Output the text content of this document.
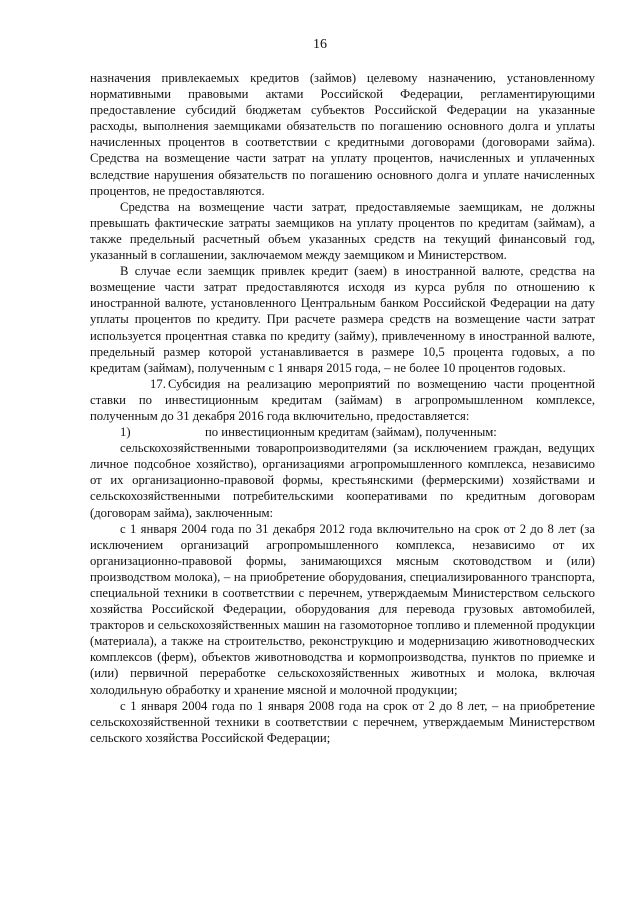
16

назначения привлекаемых кредитов (займов) целевому назначению, установленному нормативными правовыми актами Российской Федерации, регламентирующими предоставление субсидий бюджетам субъектов Российской Федерации на указанные расходы, выполнения заемщиками обязательств по погашению основного долга и уплаты начисленных процентов в соответствии с кредитными договорами (договорами займа). Средства на возмещение части затрат на уплату процентов, начисленных и уплаченных вследствие нарушения обязательств по погашению основного долга и уплате начисленных процентов, не предоставляются.

Средства на возмещение части затрат, предоставляемые заемщикам, не должны превышать фактические затраты заемщиков на уплату процентов по кредитам (займам), а также предельный расчетный объем указанных средств на текущий финансовый год, указанный в соглашении, заключаемом между заемщиком и Министерством.

В случае если заемщик привлек кредит (заем) в иностранной валюте, средства на возмещение части затрат предоставляются исходя из курса рубля по отношению к иностранной валюте, установленного Центральным банком Российской Федерации на дату уплаты процентов по кредиту. При расчете размера средств на возмещение части затрат используется процентная ставка по кредиту (займу), привлеченному в иностранной валюте, предельный размер которой устанавливается в размере 10,5 процента годовых, а по кредитам (займам), полученным с 1 января 2015 года, – не более 10 процентов годовых.

17. Субсидия на реализацию мероприятий по возмещению части процентной ставки по инвестиционным кредитам (займам) в агропромышленном комплексе, полученным до 31 декабря 2016 года включительно, предоставляется:

1)	по инвестиционным кредитам (займам), полученным:

сельскохозяйственными товаропроизводителями (за исключением граждан, ведущих личное подсобное хозяйство), организациями агропромышленного комплекса, независимо от их организационно-правовой формы, крестьянскими (фермерскими) хозяйствами и сельскохозяйственными потребительскими кооперативами по кредитным договорам (договорам займа), заключенным:

с 1 января 2004 года по 31 декабря 2012 года включительно на срок от 2 до 8 лет (за исключением организаций агропромышленного комплекса, независимо от их организационно-правовой формы, занимающихся мясным скотоводством и (или) производством молока), – на приобретение оборудования, специализированного транспорта, специальной техники в соответствии с перечнем, утверждаемым Министерством сельского хозяйства Российской Федерации, оборудования для перевода грузовых автомобилей, тракторов и сельскохозяйственных машин на газомоторное топливо и племенной продукции (материала), а также на строительство, реконструкцию и модернизацию животноводческих комплексов (ферм), объектов животноводства и кормопроизводства, пунктов по приемке и (или) первичной переработке сельскохозяйственных животных и молока, включая холодильную обработку и хранение мясной и молочной продукции;

с 1 января 2004 года по 1 января 2008 года на срок от 2 до 8 лет, – на приобретение сельскохозяйственной техники в соответствии с перечнем, утверждаемым Министерством сельского хозяйства Российской Федерации;
